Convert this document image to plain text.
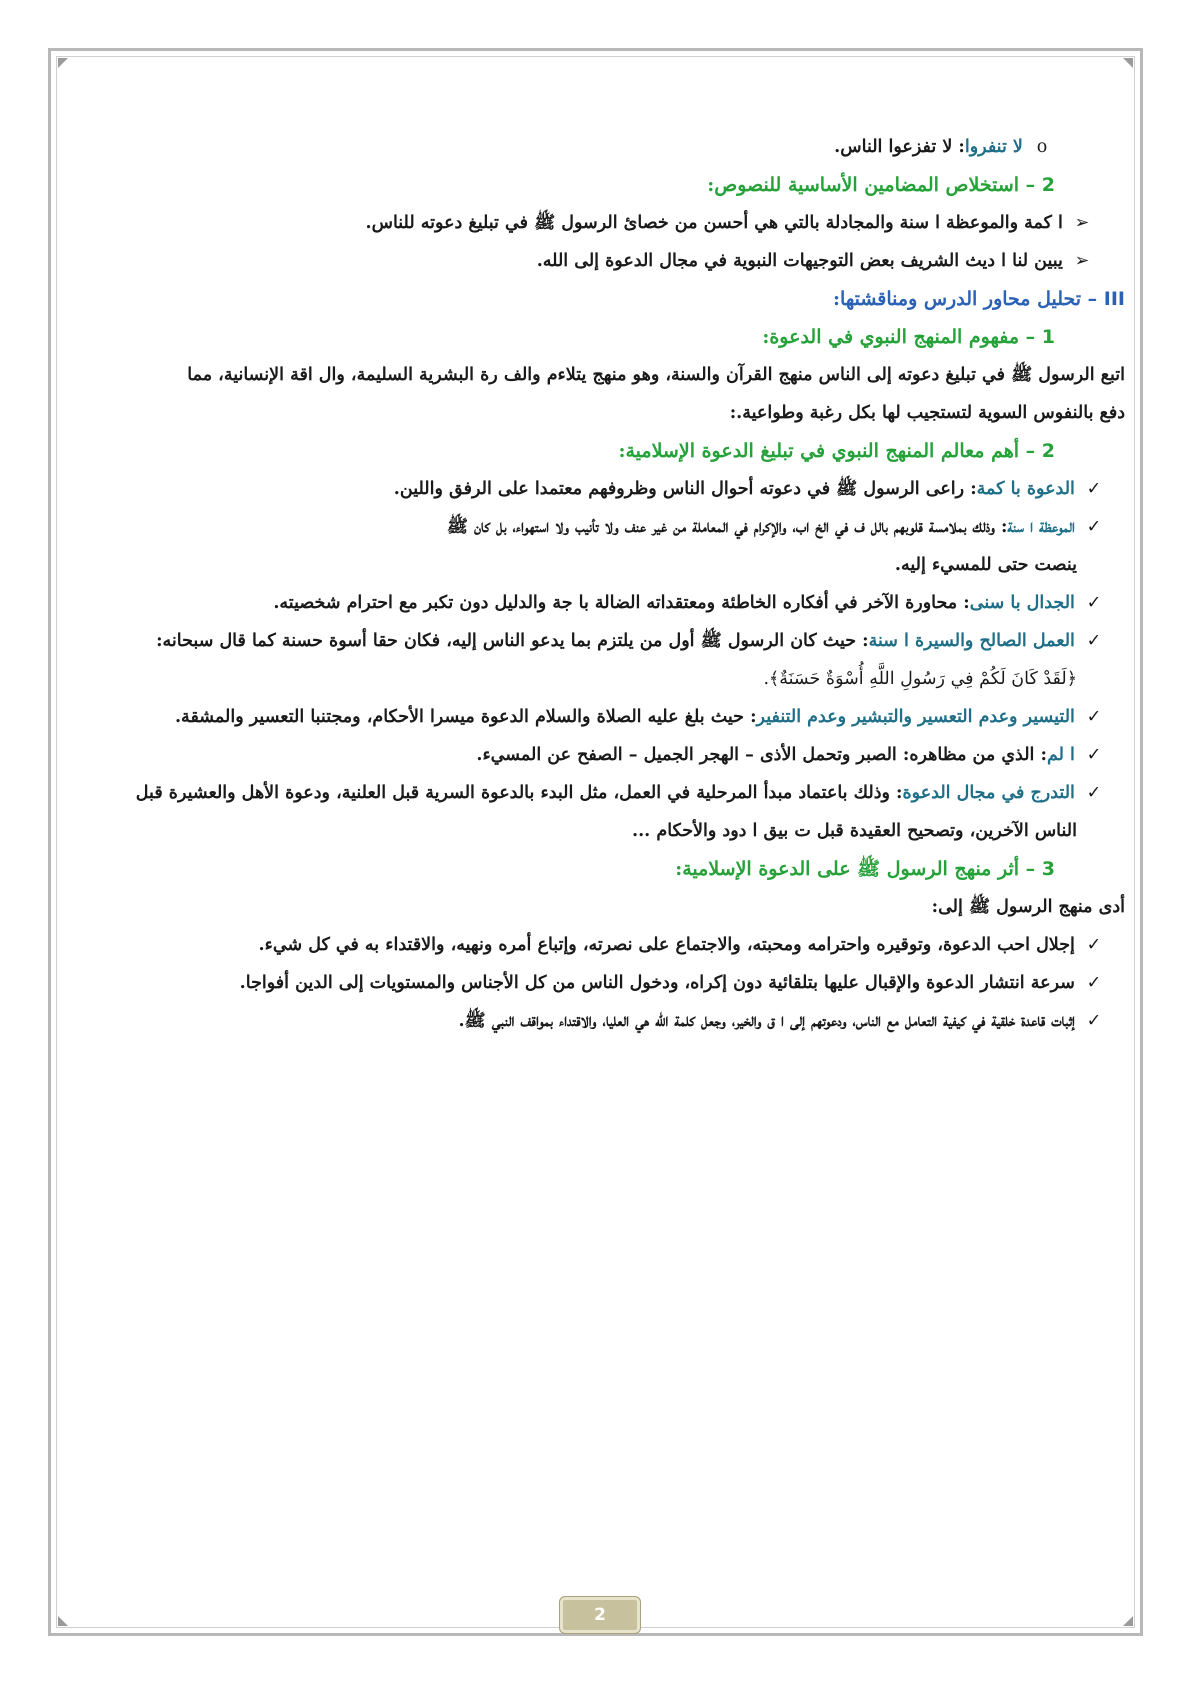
o لا تنفروا: لا تفزعوا الناس.
2 – استخلاص المضامين الأساسية للنصوص:
➢ ا كمة والموعظة ا سنة والمجادلة بالتي هي أحسن من خصائ الرسول ﷺ في تبليغ دعوته للناس.
➢ يبين لنا ا ديث الشريف بعض التوجيهات النبوية في مجال الدعوة إلى الله.
III – تحليل محاور الدرس ومناقشتها:
1 – مفهوم المنهج النبوي في الدعوة:
اتبع الرسول ﷺ في تبليغ دعوته إلى الناس منهج القرآن والسنة، وهو منهج يتلاءم والف رة البشرية السليمة، وال اقة الإنسانية، مما
دفع بالنفوس السوية لتستجيب لها بكل رغبة وطواعية.:
2 – أهم معالم المنهج النبوي في تبليغ الدعوة الإسلامية:
✓ الدعوة با كمة: راعى الرسول ﷺ في دعوته أحوال الناس وظروفهم معتمدا على الرفق واللين.
✓ الموعظة ا سنة: وذلك بملامسة قلوبهم بالل ف في الخ اب، والإكرام في المعاملة من غير عنف ولا تأنيب ولا استهواء، بل كان ﷺ
ينصت حتى للمسيء إليه.
✓ الجدال با سنى: محاورة الآخر في أفكاره الخاطئة ومعتقداته الضالة با جة والدليل دون تكبر مع احترام شخصيته.
✓ العمل الصالح والسيرة ا سنة: حيث كان الرسول ﷺ أول من يلتزم بما يدعو الناس إليه، فكان حقا أسوة حسنة كما قال سبحانه:
﴿لَقَدْ كَانَ لَكُمْ فِي رَسُولِ اللَّهِ أُسْوَةٌ حَسَنَةٌ﴾.
✓ التيسير وعدم التعسير والتبشير وعدم التنفير: حيث بلغ عليه الصلاة والسلام الدعوة ميسرا الأحكام، ومجتنبا التعسير والمشقة.
✓ ا لم: الذي من مظاهره: الصبر وتحمل الأذى – الهجر الجميل – الصفح عن المسيء.
✓ التدرج في مجال الدعوة: وذلك باعتماد مبدأ المرحلية في العمل، مثل البدء بالدعوة السرية قبل العلنية، ودعوة الأهل والعشيرة قبل
الناس الآخرين، وتصحيح العقيدة قبل ت بيق ا دود والأحكام ...
3 – أثر منهج الرسول ﷺ على الدعوة الإسلامية:
أدى منهج الرسول ﷺ إلى:
✓ إجلال احب الدعوة، وتوقيره واحترامه ومحبته، والاجتماع على نصرته، وإتباع أمره ونهيه، والاقتداء به في كل شيء.
✓ سرعة انتشار الدعوة والإقبال عليها بتلقائية دون إكراه، ودخول الناس من كل الأجناس والمستويات إلى الدين أفواجا.
✓ إثبات قاعدة خلقية في كيفية التعامل مع الناس، ودعوتهم إلى ا ق والخير، وجعل كلمة الله هي العليا، والاقتداء بمواقف النبي ﷺ.
2
